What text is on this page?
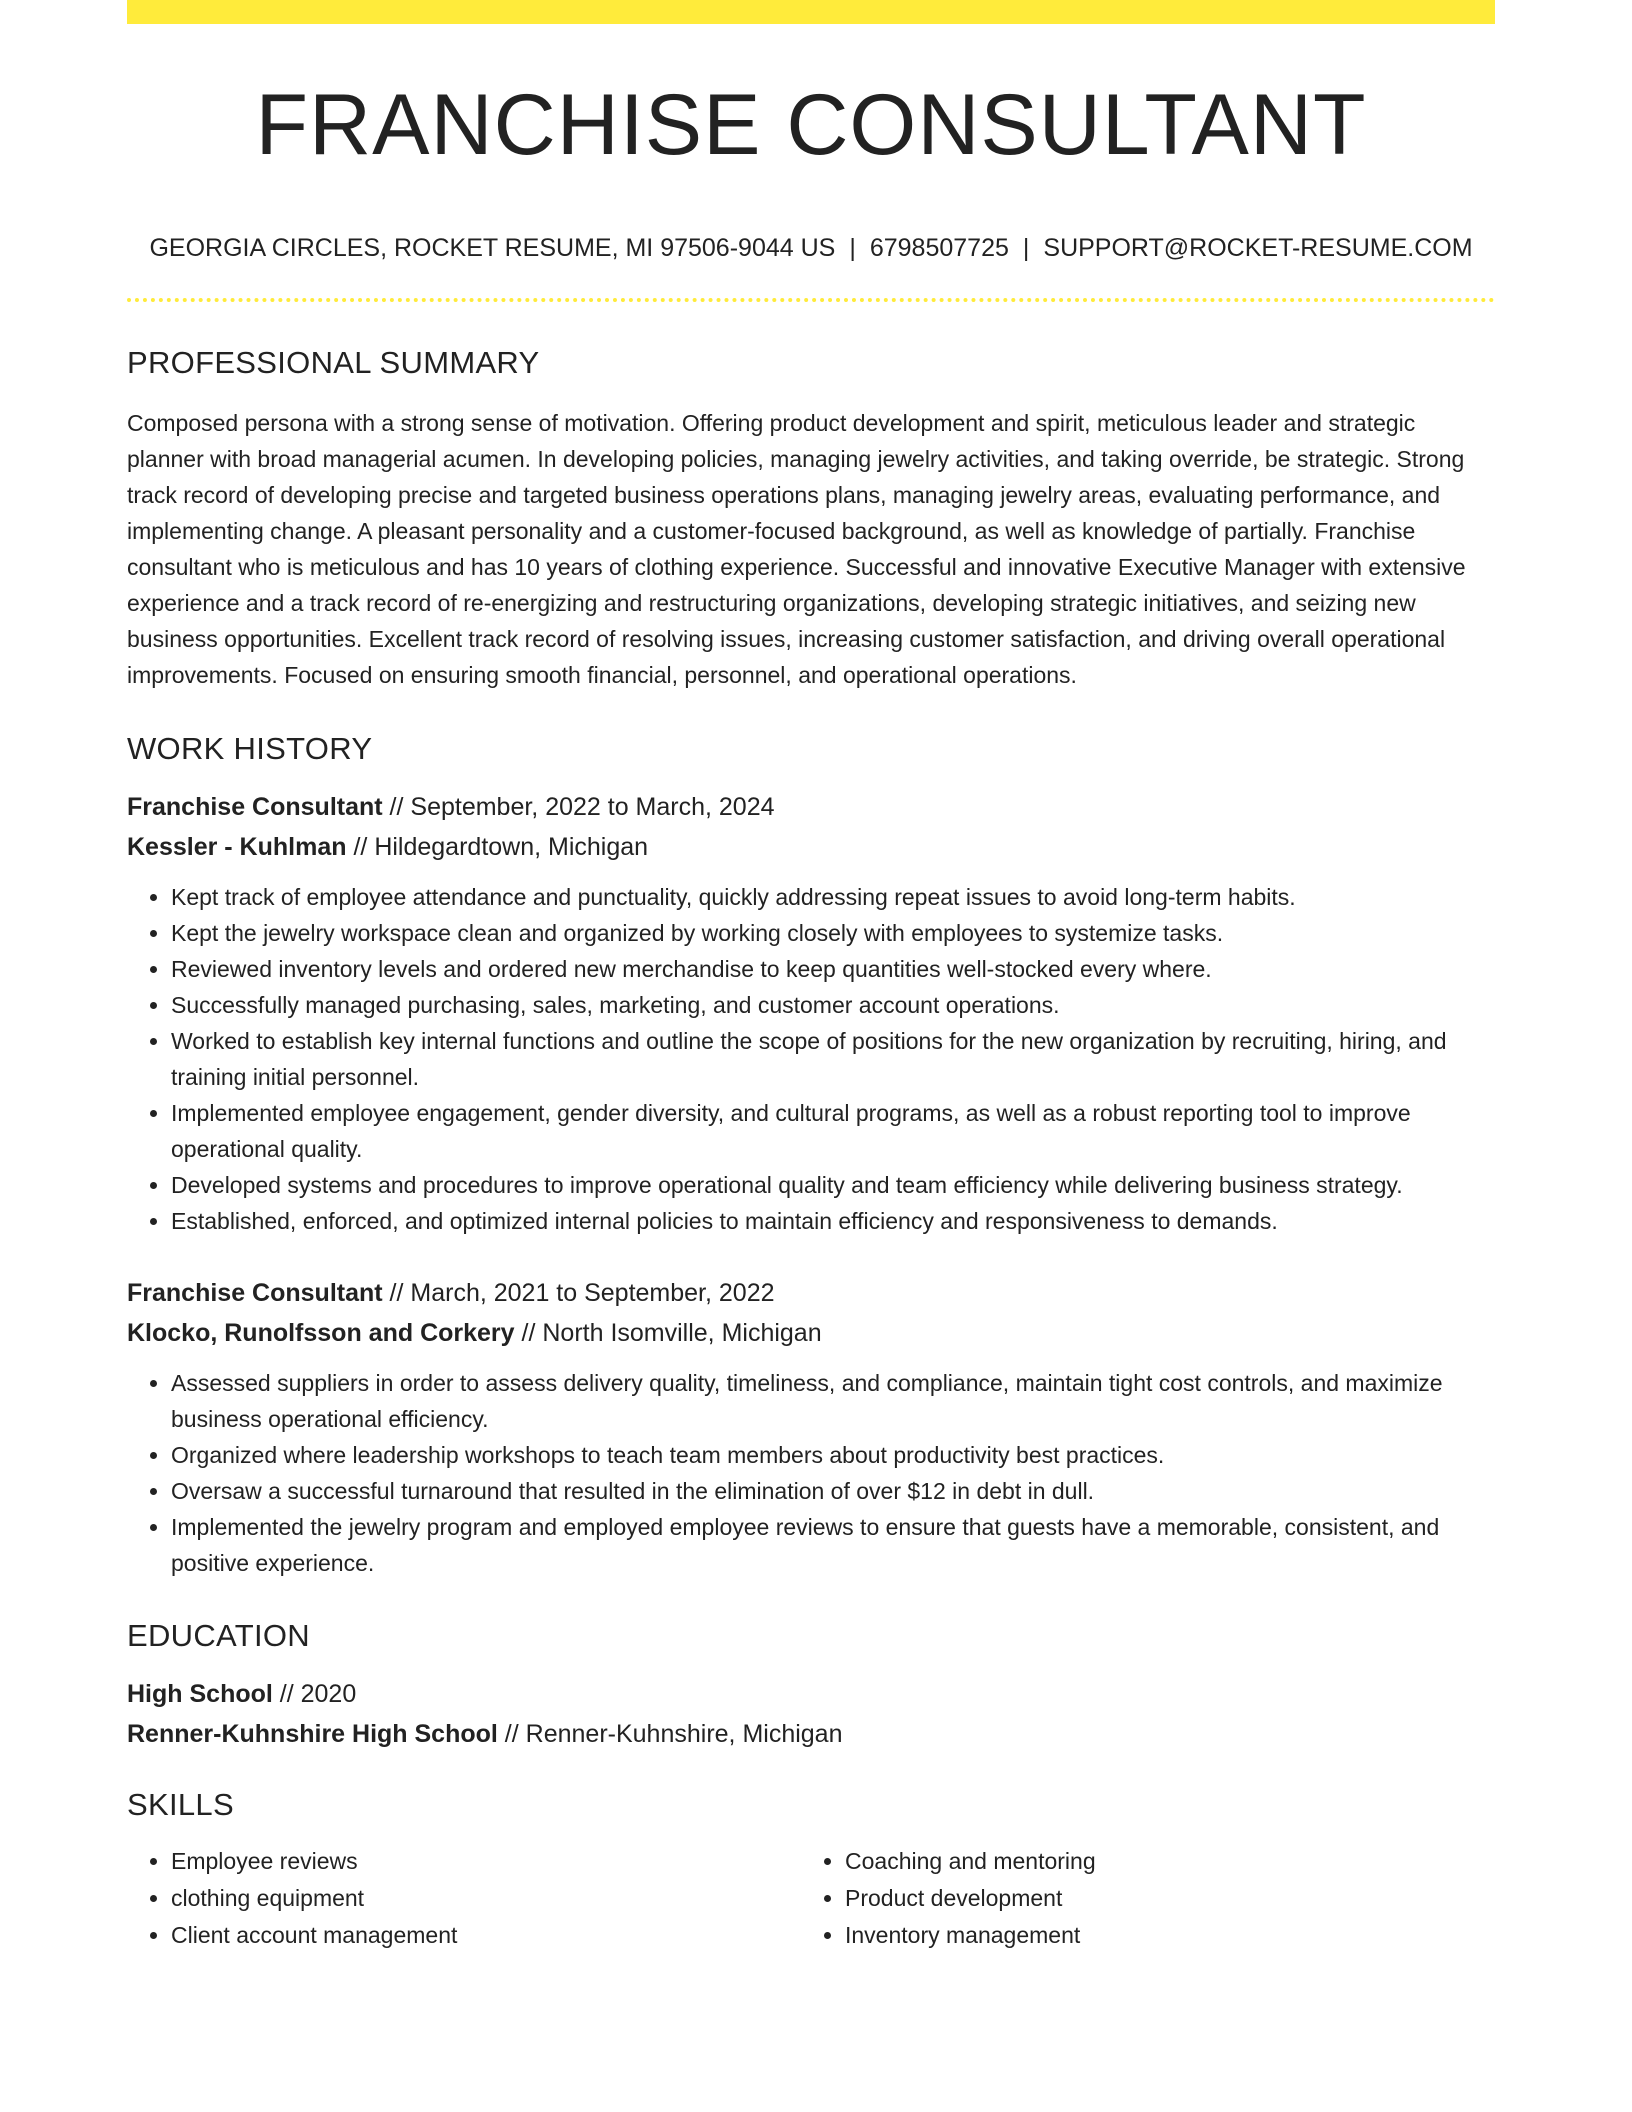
FRANCHISE CONSULTANT
GEORGIA CIRCLES, ROCKET RESUME, MI 97506-9044 US | 6798507725 | SUPPORT@ROCKET-RESUME.COM
PROFESSIONAL SUMMARY
Composed persona with a strong sense of motivation. Offering product development and spirit, meticulous leader and strategic planner with broad managerial acumen. In developing policies, managing jewelry activities, and taking override, be strategic. Strong track record of developing precise and targeted business operations plans, managing jewelry areas, evaluating performance, and implementing change. A pleasant personality and a customer-focused background, as well as knowledge of partially. Franchise consultant who is meticulous and has 10 years of clothing experience. Successful and innovative Executive Manager with extensive experience and a track record of re-energizing and restructuring organizations, developing strategic initiatives, and seizing new business opportunities. Excellent track record of resolving issues, increasing customer satisfaction, and driving overall operational improvements. Focused on ensuring smooth financial, personnel, and operational operations.
WORK HISTORY
Franchise Consultant // September, 2022 to March, 2024
Kessler - Kuhlman // Hildegardtown, Michigan
• Kept track of employee attendance and punctuality, quickly addressing repeat issues to avoid long-term habits.
• Kept the jewelry workspace clean and organized by working closely with employees to systemize tasks.
• Reviewed inventory levels and ordered new merchandise to keep quantities well-stocked every where.
• Successfully managed purchasing, sales, marketing, and customer account operations.
• Worked to establish key internal functions and outline the scope of positions for the new organization by recruiting, hiring, and training initial personnel.
• Implemented employee engagement, gender diversity, and cultural programs, as well as a robust reporting tool to improve operational quality.
• Developed systems and procedures to improve operational quality and team efficiency while delivering business strategy.
• Established, enforced, and optimized internal policies to maintain efficiency and responsiveness to demands.
Franchise Consultant // March, 2021 to September, 2022
Klocko, Runolfsson and Corkery // North Isomville, Michigan
• Assessed suppliers in order to assess delivery quality, timeliness, and compliance, maintain tight cost controls, and maximize business operational efficiency.
• Organized where leadership workshops to teach team members about productivity best practices.
• Oversaw a successful turnaround that resulted in the elimination of over $12 in debt in dull.
• Implemented the jewelry program and employed employee reviews to ensure that guests have a memorable, consistent, and positive experience.
EDUCATION
High School // 2020
Renner-Kuhnshire High School // Renner-Kuhnshire, Michigan
SKILLS
• Employee reviews
• clothing equipment
• Client account management
• Coaching and mentoring
• Product development
• Inventory management
